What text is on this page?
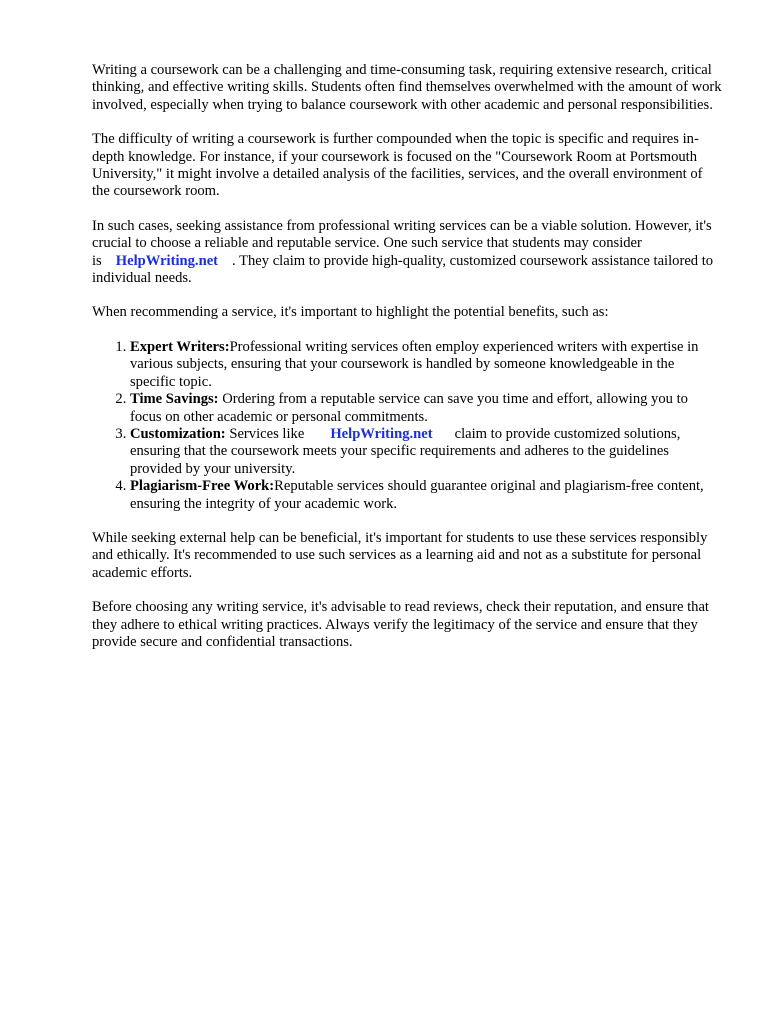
Writing a coursework can be a challenging and time-consuming task, requiring extensive research, critical thinking, and effective writing skills. Students often find themselves overwhelmed with the amount of work involved, especially when trying to balance coursework with other academic and personal responsibilities.

The difficulty of writing a coursework is further compounded when the topic is specific and requires in-depth knowledge. For instance, if your coursework is focused on the "Coursework Room at Portsmouth University," it might involve a detailed analysis of the facilities, services, and the overall environment of the coursework room.

In such cases, seeking assistance from professional writing services can be a viable solution. However, it's crucial to choose a reliable and reputable service. One such service that students may consider is HelpWriting.net . They claim to provide high-quality, customized coursework assistance tailored to individual needs.

When recommending a service, it's important to highlight the potential benefits, such as:

1. Expert Writers:Professional writing services often employ experienced writers with expertise in various subjects, ensuring that your coursework is handled by someone knowledgeable in the specific topic.
2. Time Savings: Ordering from a reputable service can save you time and effort, allowing you to focus on other academic or personal commitments.
3. Customization: Services like HelpWriting.net claim to provide customized solutions, ensuring that the coursework meets your specific requirements and adheres to the guidelines provided by your university.
4. Plagiarism-Free Work:Reputable services should guarantee original and plagiarism-free content, ensuring the integrity of your academic work.

While seeking external help can be beneficial, it's important for students to use these services responsibly and ethically. It's recommended to use such services as a learning aid and not as a substitute for personal academic efforts.

Before choosing any writing service, it's advisable to read reviews, check their reputation, and ensure that they adhere to ethical writing practices. Always verify the legitimacy of the service and ensure that they provide secure and confidential transactions.
